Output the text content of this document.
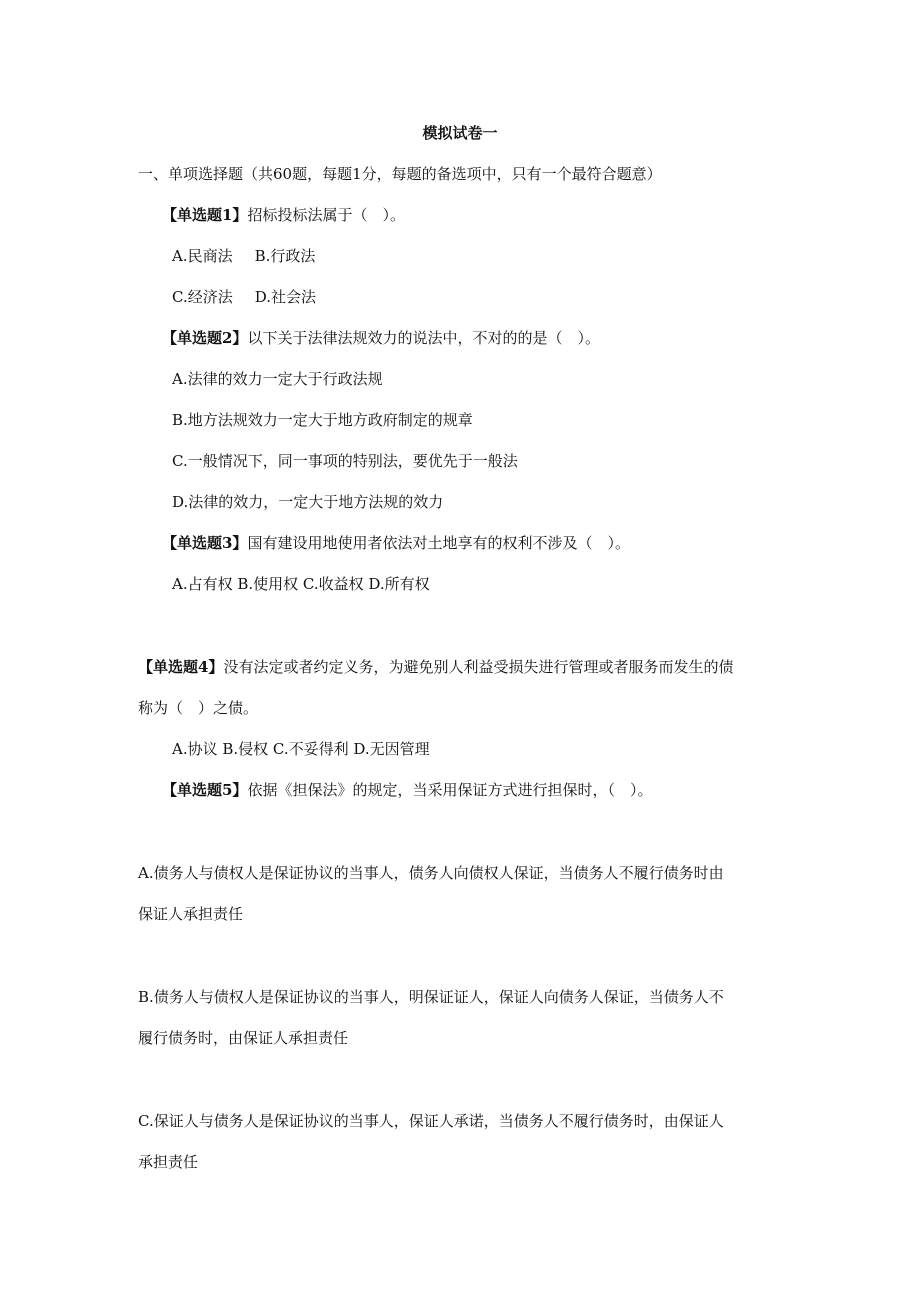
模拟试卷一
一、单项选择题（共60题，每题1分，每题的备选项中，只有一个最符合题意）
【单选题1】招标投标法属于（　）。
A.民商法 B.行政法
C.经济法 D.社会法
【单选题2】以下关于法律法规效力的说法中，不对的的是（　）。
A.法律的效力一定大于行政法规
B.地方法规效力一定大于地方政府制定的规章
C.一般情况下，同一事项的特别法，要优先于一般法
D.法律的效力，一定大于地方法规的效力
【单选题3】国有建设用地使用者依法对土地享有的权利不涉及（　）。
A.占有权 B.使用权 C.收益权 D.所有权
【单选题4】没有法定或者约定义务，为避免别人利益受损失进行管理或者服务而发生的债
称为（　）之债。
A.协议 B.侵权 C.不妥得利 D.无因管理
【单选题5】依据《担保法》的规定，当采用保证方式进行担保时，（　）。
A.债务人与债权人是保证协议的当事人，债务人向债权人保证，当债务人不履行债务时由
保证人承担责任
B.债务人与债权人是保证协议的当事人，明保证证人，保证人向债务人保证，当债务人不
履行债务时，由保证人承担责任
C.保证人与债务人是保证协议的当事人，保证人承诺，当债务人不履行债务时，由保证人
承担责任
